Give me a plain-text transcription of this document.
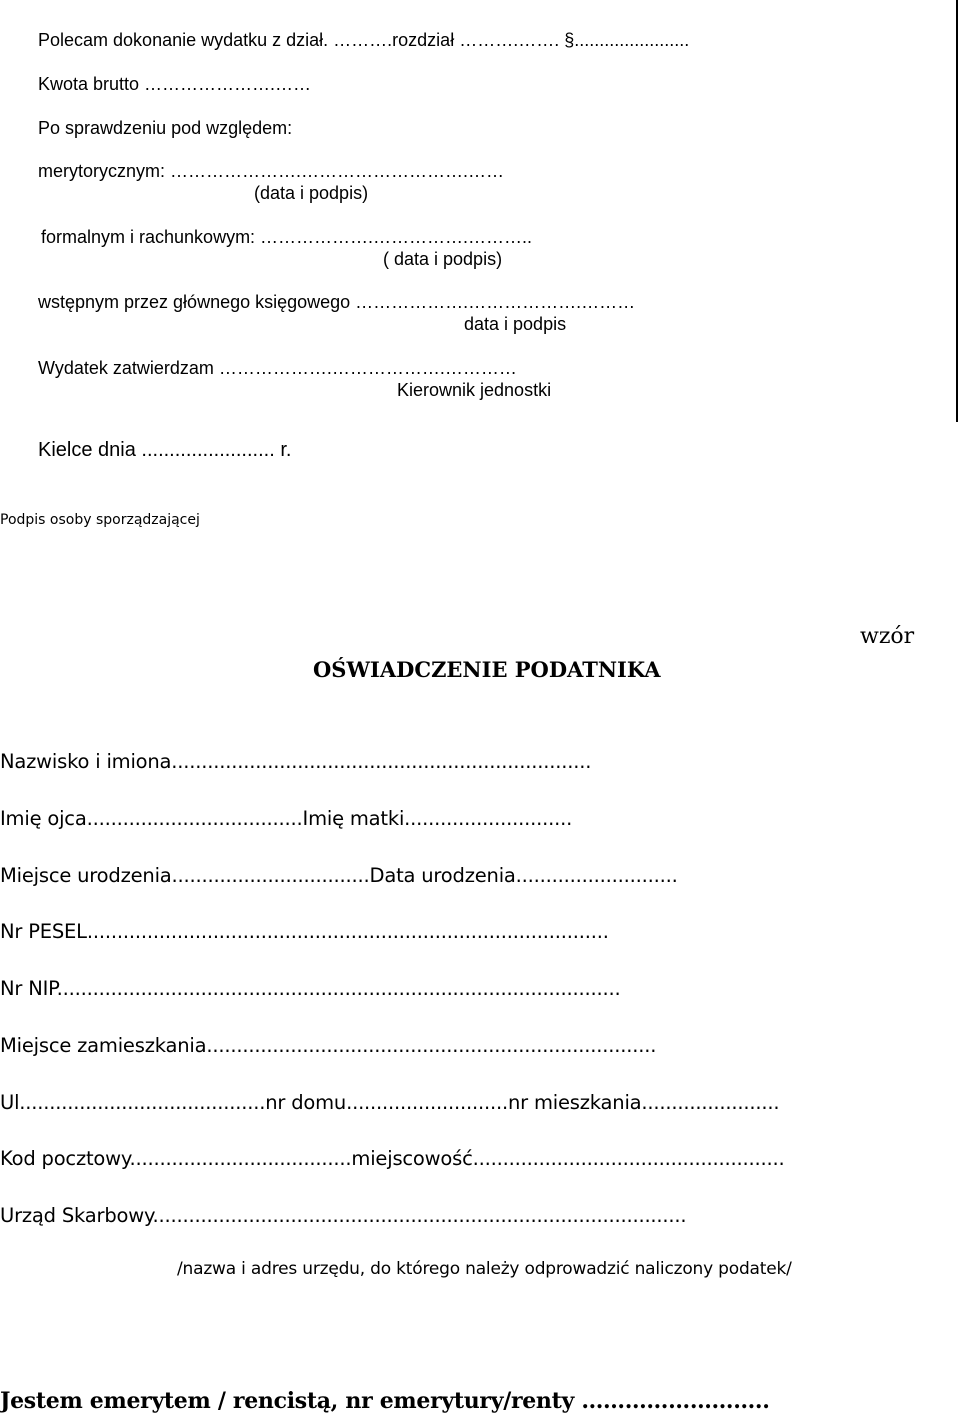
Polecam dokonanie wydatku z dział. ……….rozdział ……….……. §.......................
Kwota brutto ………………….……
Po sprawdzeniu pod względem:
merytorycznym: ………………….……………………….……
(data i podpis)
formalnym i rachunkowym: ……………….…………….………..
( data i podpis)
wstępnym przez głównego księgowego ……………….……………….………
data i podpis
Wydatek zatwierdzam ……………….……………….…………
Kierownik jednostki
Kielce dnia ........................ r.
Podpis osoby sporządzającej
wzór
OŚWIADCZENIE PODATNIKA
Nazwisko i imiona......................................................................
Imię ojca....................................Imię matki............................
Miejsce urodzenia.................................Data urodzenia...........................
Nr PESEL.......................................................................................
Nr NIP..............................................................................................
Miejsce zamieszkania...........................................................................
Ul.........................................nr domu...........................nr mieszkania.......................
Kod pocztowy.....................................miejscowość....................................................
Urząd Skarbowy.........................................................................................
/nazwa i adres urzędu, do którego należy odprowadzić naliczony podatek/
Jestem emerytem / rencistą, nr emerytury/renty ……………………..
